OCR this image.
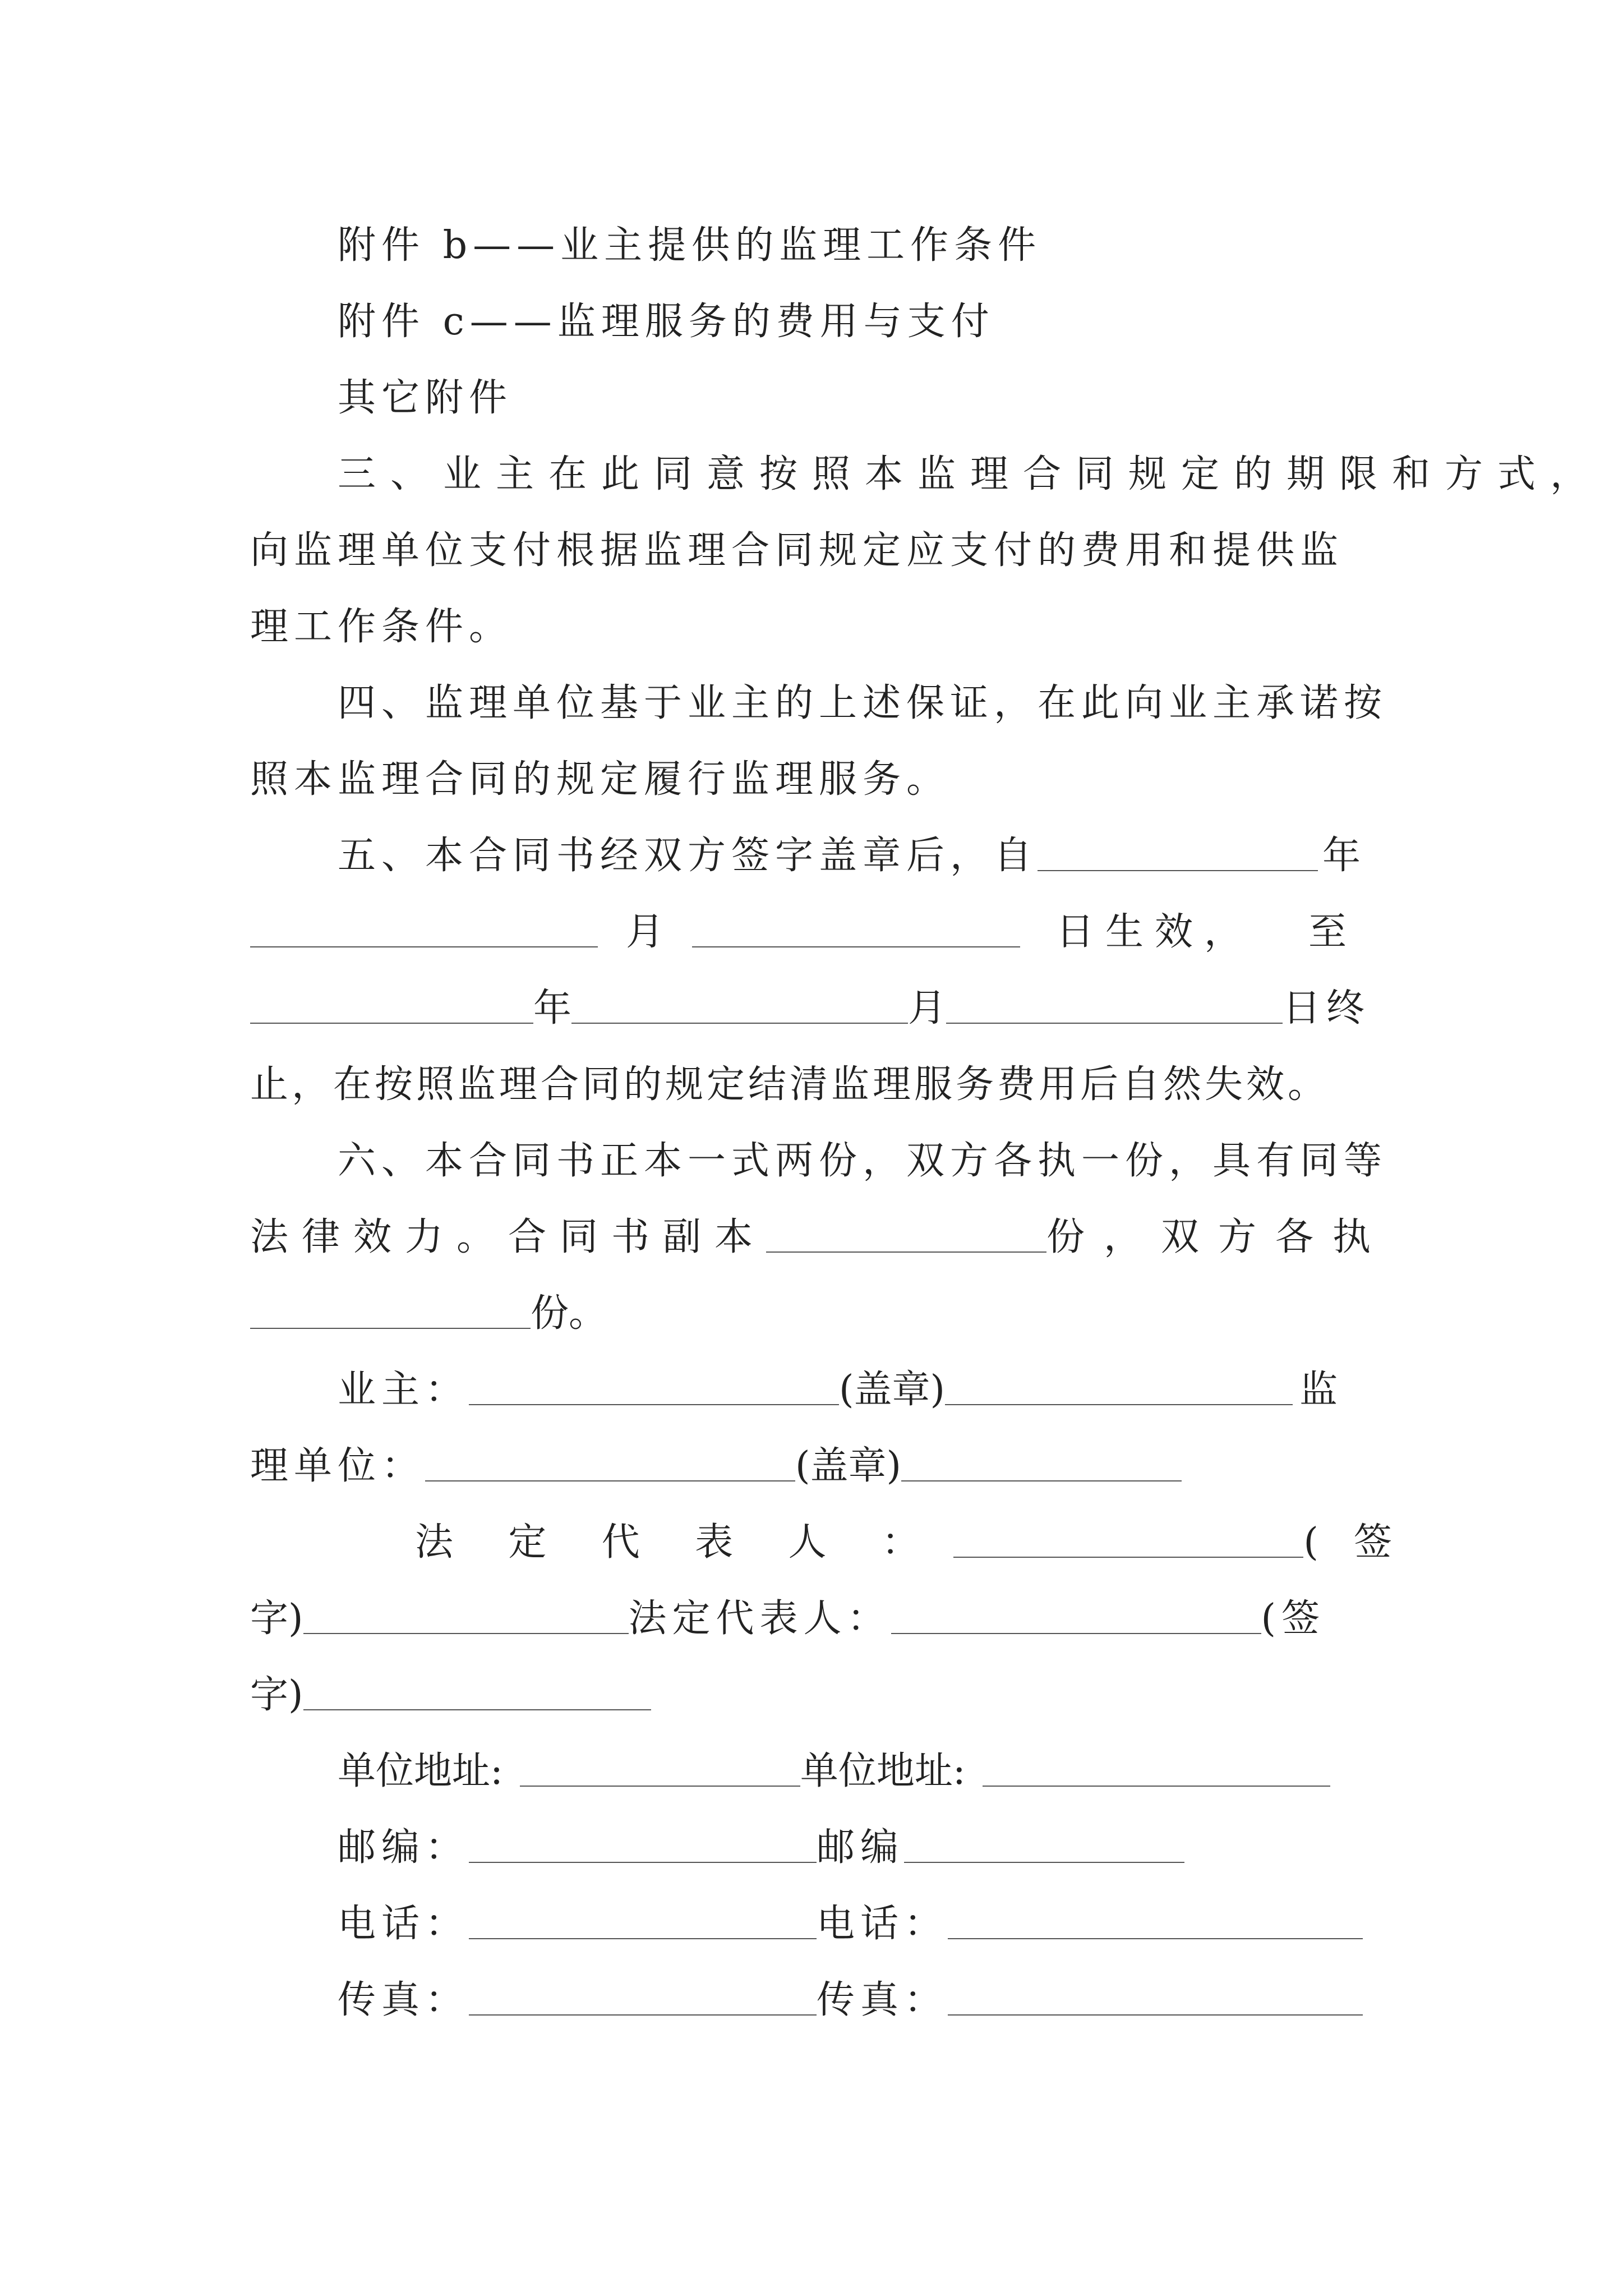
附件 b——业主提供的监理工作条件
附件 c——监理服务的费用与支付
其它附件
三、业主在此同意按照本监理合同规定的期限和方式，
向监理单位支付根据监理合同规定应支付的费用和提供监
理工作条件。
四、监理单位基于业主的上述保证，在此向业主承诺按
照本监理合同的规定履行监理服务。
五、本合同书经双方签字盖章后，自	年
月	日 生 效 ，	至
年	月	日终
止，在按照监理合同的规定结清监理服务费用后自然失效。
六、本合同书正本一式两份，双方各执一份，具有同等
法律效力。合同书副本	份，双方各执
份。
业主：	(盖章)	监
理单位：	(盖章)
法	定	代	表	人	：	( 签
字)	法定代表人：	(签
字)
单位地址:	单位地址:
邮编：	邮编
电话：	电话：
传真：	传真：
